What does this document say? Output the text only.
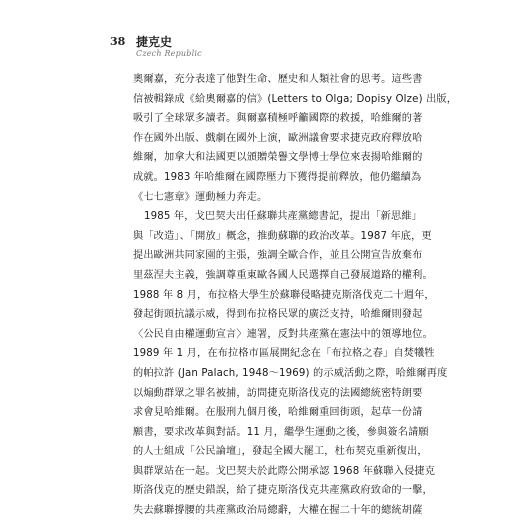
38 捷克史
Czech Republic
奧爾嘉，充分表達了他對生命、歷史和人類社會的思考。這些書
信被輯錄成《給奧爾嘉的信》(Letters to Olga; Dopisy Olze) 出版，
吸引了全球眾多讀者。與爾嘉積極呼籲國際的救援，哈維爾的著
作在國外出版、戲劇在國外上演，歐洲議會要求捷克政府釋放哈
維爾，加拿大和法國更以頒贈榮譽文學博士學位來表揚哈維爾的
成就。1983 年哈維爾在國際壓力下獲得提前釋放，他仍繼續為
《七七憲章》運動極力奔走。
1985 年，戈巴契夫出任蘇聯共產黨總書記，提出「新思維」
與「改造」、「開放」概念，推動蘇聯的政治改革。1987 年底，更
提出歐洲共同家園的主張，強調全歐合作，並且公開宣告放棄布
里茲涅夫主義，強調尊重東歐各國人民選擇自己發展道路的權利。
1988 年 8 月，布拉格大學生於蘇聯侵略捷克斯洛伐克二十週年，
發起街頭抗議示威，得到布拉格民眾的廣泛支持，哈維爾則發起
〈公民自由權運動宣言〉連署，反對共產黨在憲法中的領導地位。
1989 年 1 月，在布拉格市區展開紀念在「布拉格之春」自焚犧牲
的帕拉許 (Jan Palach, 1948～1969) 的示威活動之際，哈維爾再度
以煽動群眾之罪名被捕，訪問捷克斯洛伐克的法國總統密特朗要
求會見哈維爾。在服刑九個月後，哈維爾重回街頭，起草一份請
願書，要求改革與對話。11 月，繼學生運動之後，參與簽名請願
的人士組成「公民論壇」，發起全國大罷工，杜布契克重新復出，
與群眾站在一起。戈巴契夫於此際公開承認 1968 年蘇聯入侵捷克
斯洛伐克的歷史錯誤，給了捷克斯洛伐克共產黨政府致命的一擊，
失去蘇聯撐腰的共產黨政治局總辭，大權在握二十年的總統胡薩
